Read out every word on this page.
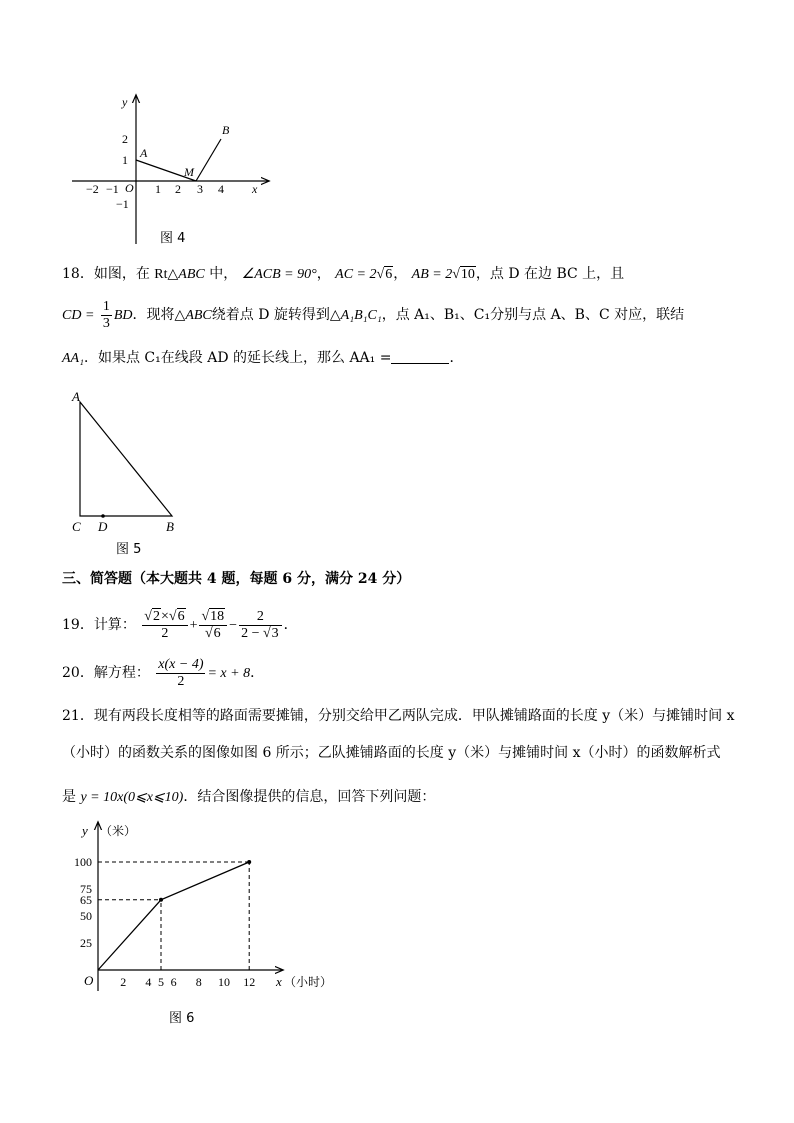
x
y
O
−2 −1	1 2 3 4
2
1
−1
A
M
B
图 4
18．如图，在 Rt△ABC 中， ∠ACB = 90°， AC = 2√6， AB = 2√10，点 D 在边 BC 上，且
CD = $\frac{1}{3}$ BD．现将△ABC绕着点 D 旋转得到△A₁B₁C₁，点 A₁、B₁、C₁分别与点 A、B、C 对应，联结
AA₁．如果点 C₁在线段 AD 的延长线上，那么 AA₁ =	．
A
C D	B
图 5
三、简答题（本大题共 4 题，每题 6 分，满分 24 分）
19．计算： $\frac{√2\times√6}{2} + \frac{√18}{√6} - \frac{2}{2 - √3}$ ．
20．解方程： $\frac{x(x - 4)}{2} = x + 8$．
21．现有两段长度相等的路面需要摊铺，分别交给甲乙两队完成．甲队摊铺路面的长度 y（米）与摊铺时间 x
（小时）的函数关系的图像如图 6 所示；乙队摊铺路面的长度 y（米）与摊铺时间 x（小时）的函数解析式
是 y = 10x(0⩽x⩽10)．结合图像提供的信息，回答下列问题：
2 4 5 6 8 10 12
25
50
65
75
100
y （米）
x （小时）
O
图 6
